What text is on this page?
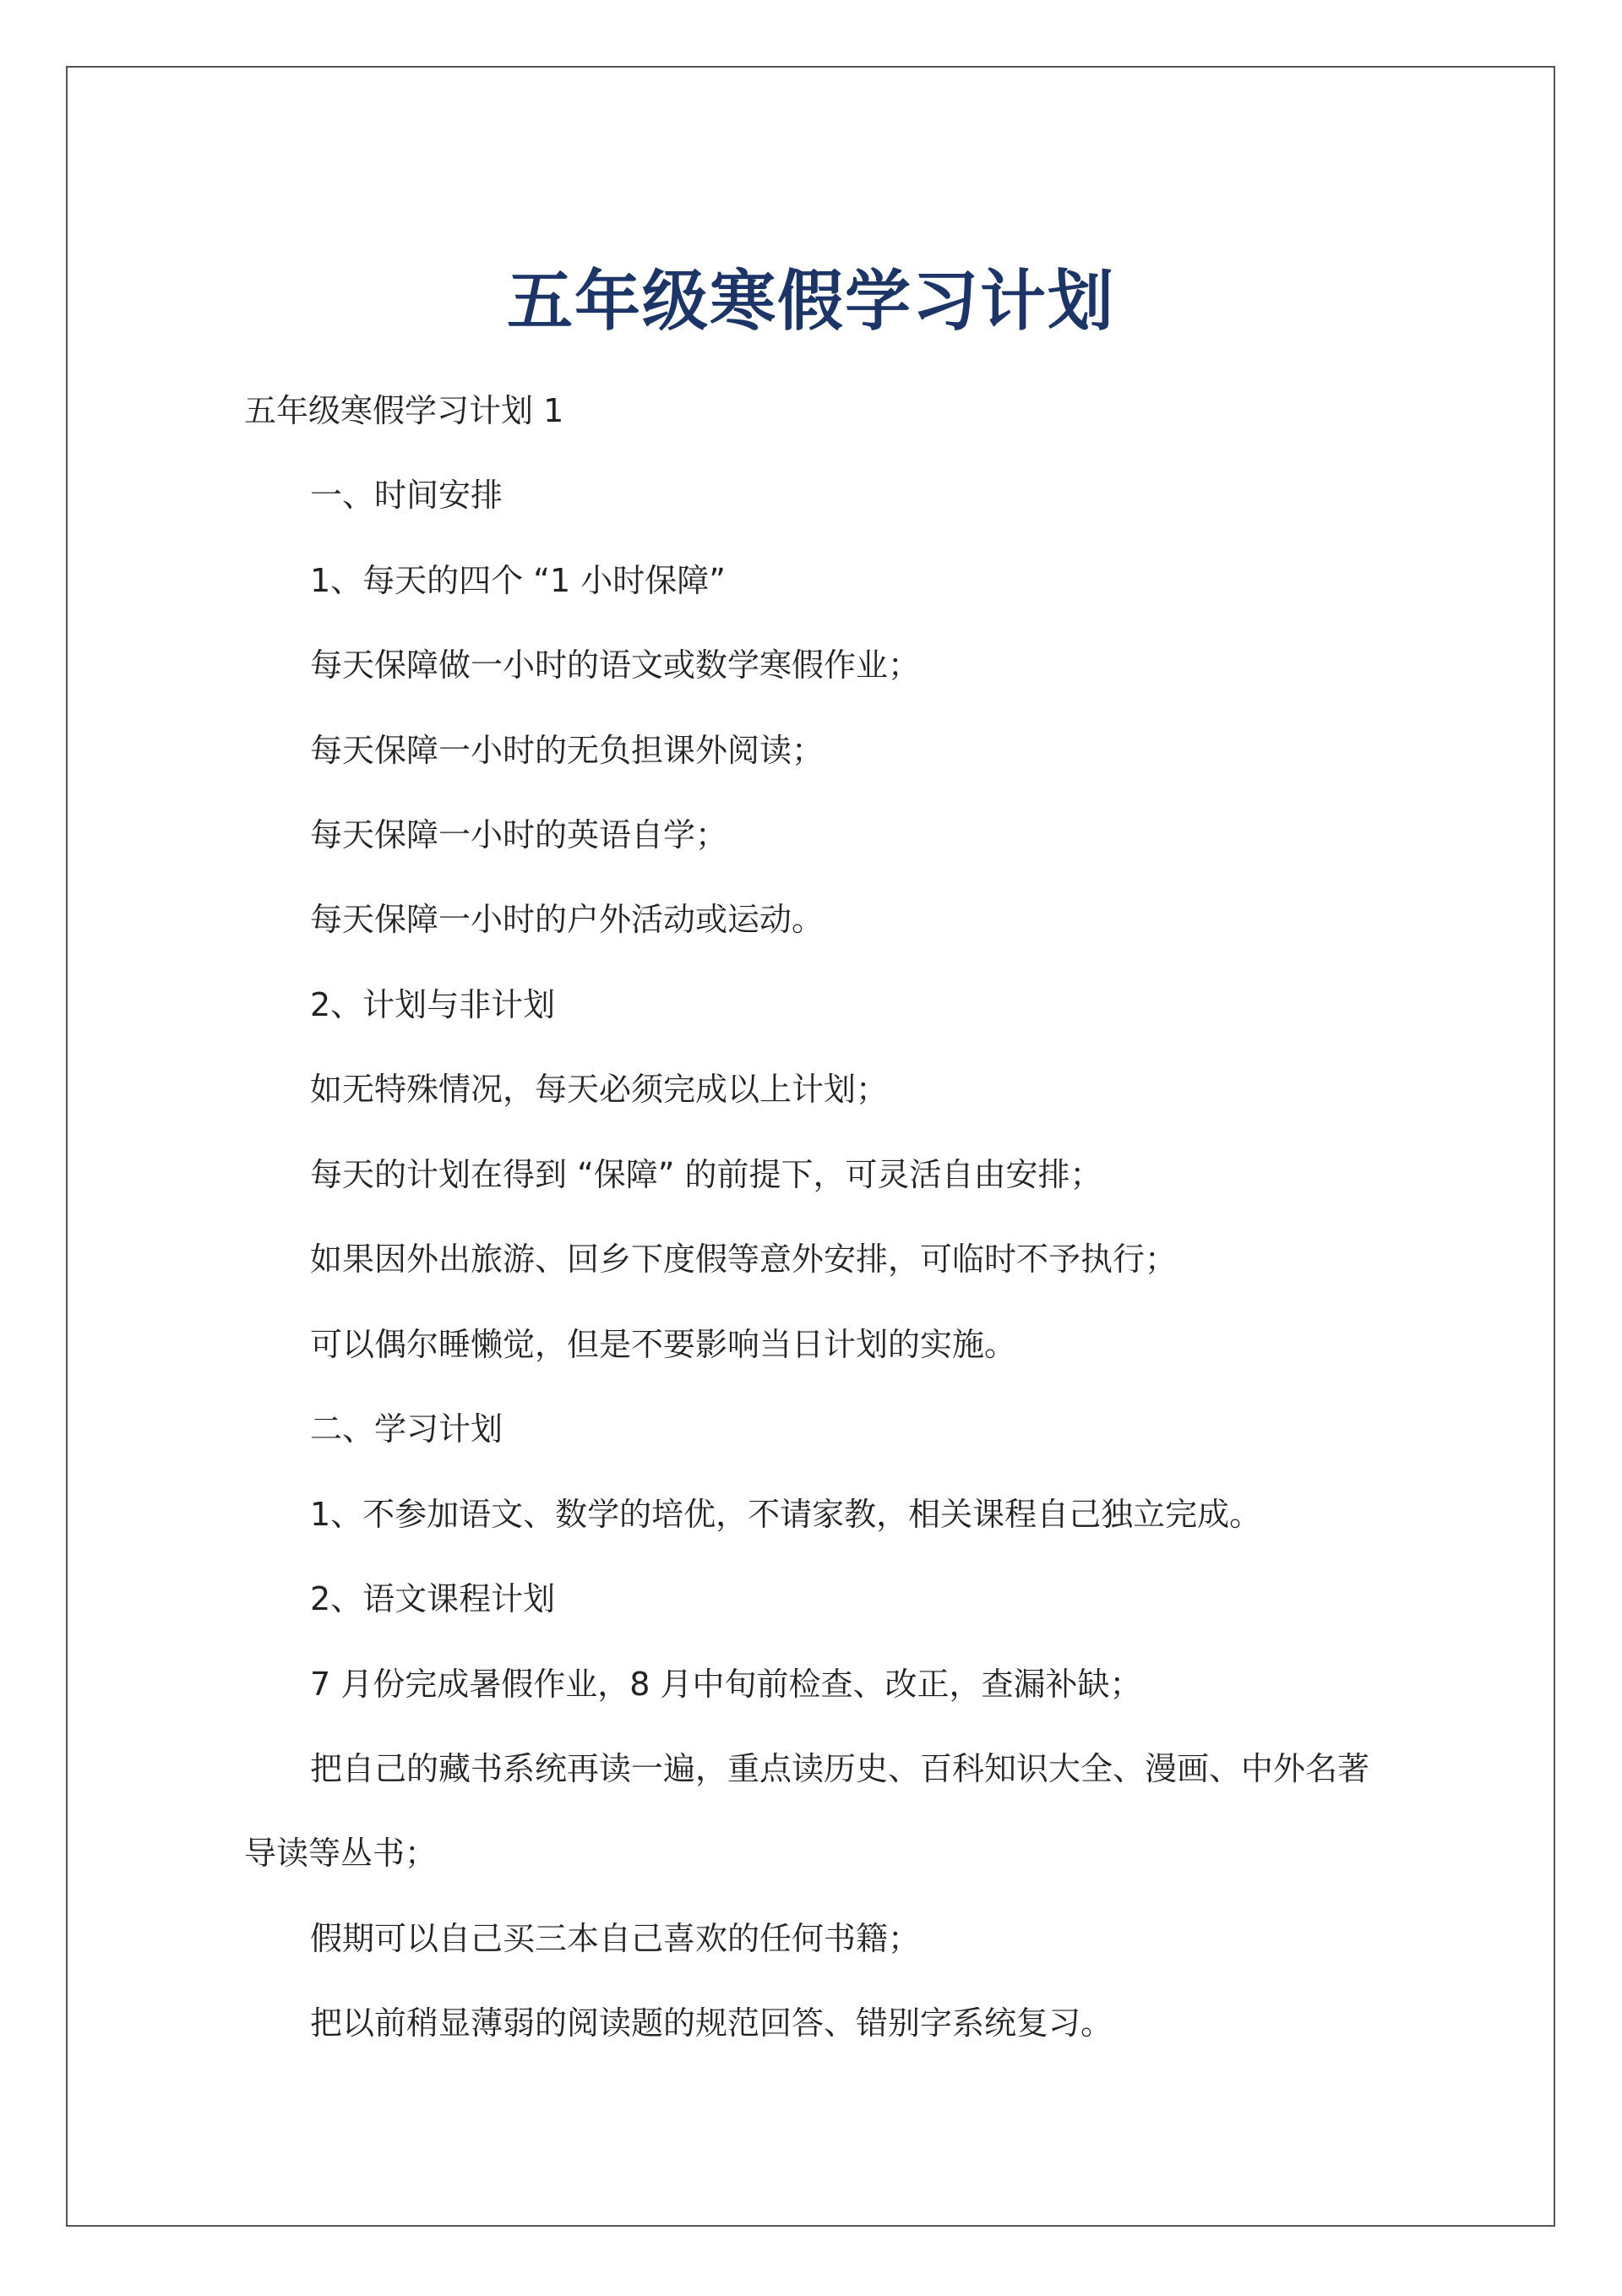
五年级寒假学习计划

五年级寒假学习计划 1

一、时间安排

1、每天的四个 “1 小时保障”

每天保障做一小时的语文或数学寒假作业；

每天保障一小时的无负担课外阅读；

每天保障一小时的英语自学；

每天保障一小时的户外活动或运动。

2、计划与非计划

如无特殊情况，每天必须完成以上计划；

每天的计划在得到 “保障” 的前提下，可灵活自由安排；

如果因外出旅游、回乡下度假等意外安排，可临时不予执行；

可以偶尔睡懒觉，但是不要影响当日计划的实施。

二、学习计划

1、不参加语文、数学的培优，不请家教，相关课程自己独立完成。

2、语文课程计划

7 月份完成暑假作业，8 月中旬前检查、改正，查漏补缺；

把自己的藏书系统再读一遍，重点读历史、百科知识大全、漫画、中外名著

导读等丛书；

假期可以自己买三本自己喜欢的任何书籍；

把以前稍显薄弱的阅读题的规范回答、错别字系统复习。
